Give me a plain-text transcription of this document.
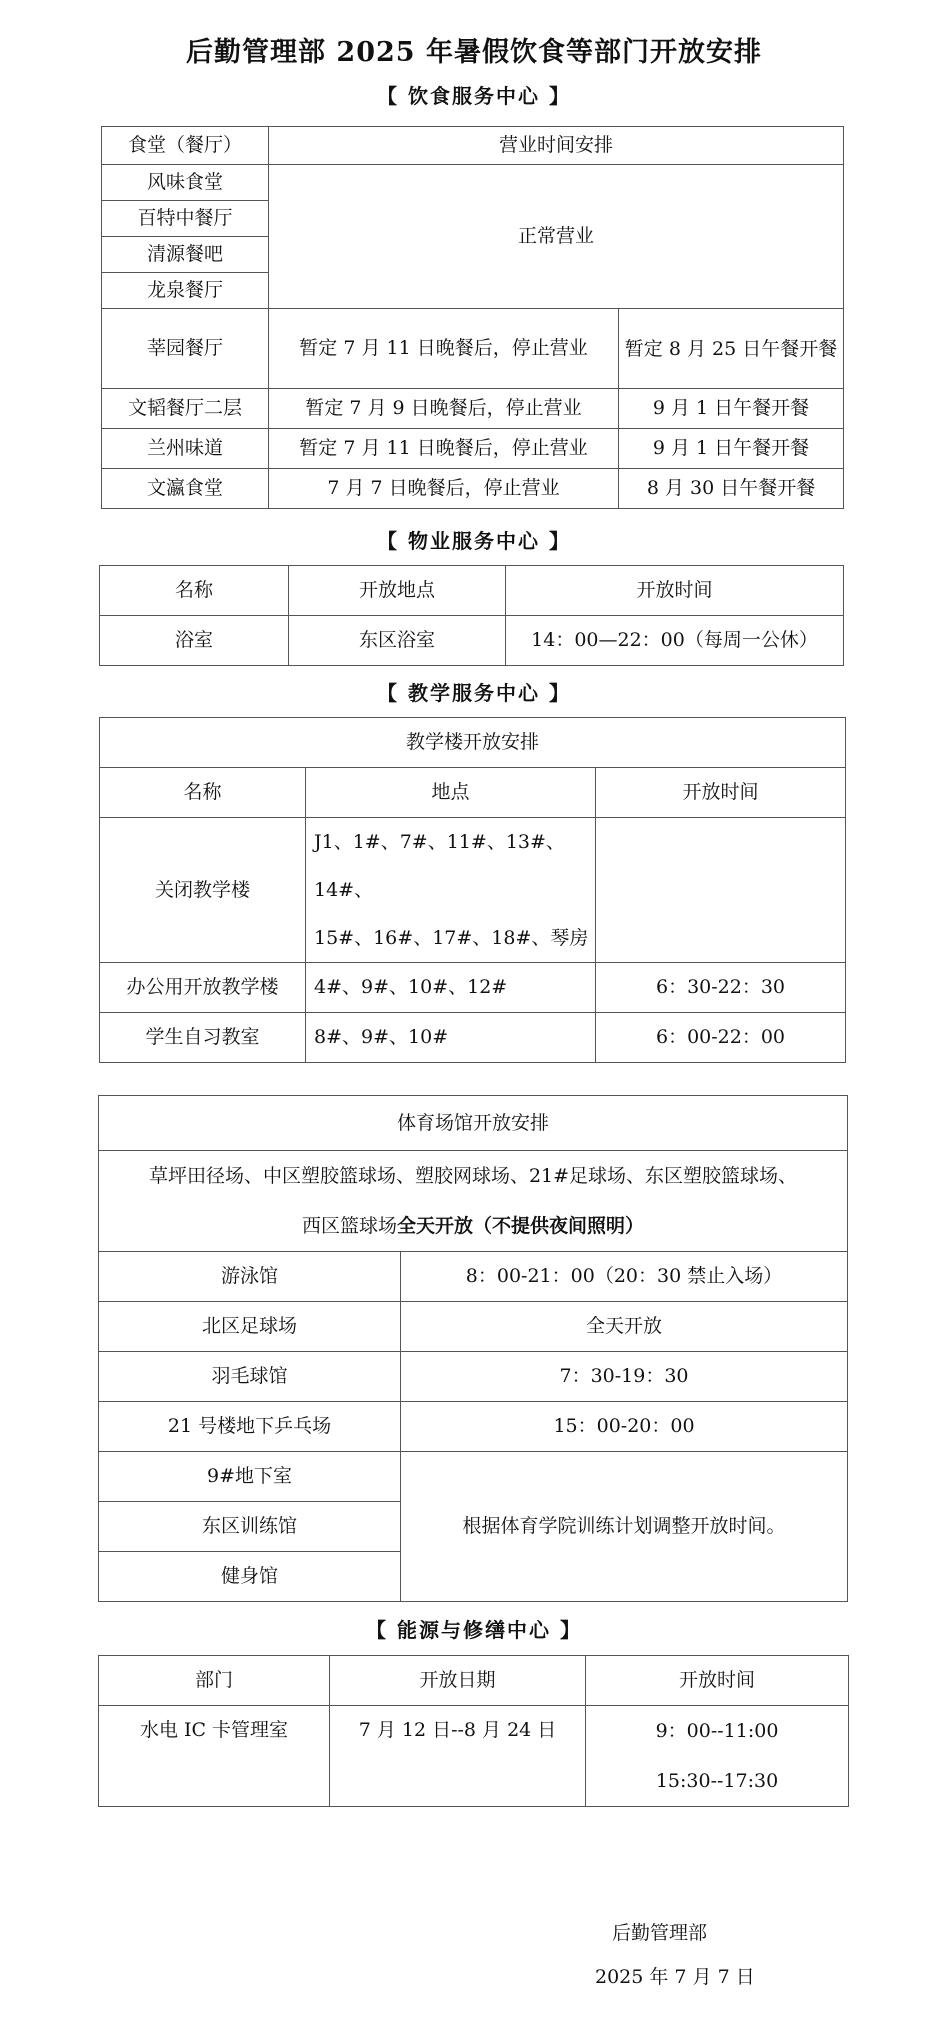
后勤管理部 2025 年暑假饮食等部门开放安排
【 饮食服务中心 】
食堂（餐厅）	营业时间安排	
风味食堂	正常营业	
百特中餐厅		
清源餐吧		
龙泉餐厅		
莘园餐厅	暂定 7 月 11 日晚餐后，停止营业	暂定 8 月 25 日午餐开餐
文韬餐厅二层	暂定 7 月 9 日晚餐后，停止营业	9 月 1 日午餐开餐
兰州味道	暂定 7 月 11 日晚餐后，停止营业	9 月 1 日午餐开餐
文瀛食堂	7 月 7 日晚餐后，停止营业	8 月 30 日午餐开餐
【 物业服务中心 】
名称	开放地点	开放时间
浴室	东区浴室	14：00—22：00（每周一公休）
【 教学服务中心 】
教学楼开放安排		
名称	地点	开放时间
关闭教学楼	J1、1#、7#、11#、13#、14#、
15#、16#、17#、18#、琴房	

办公用开放教学楼	4#、9#、10#、12#	6：30-22：30
学生自习教室	8#、9#、10#	6：00-22：00
体育场馆开放安排	

草坪田径场、中区塑胶篮球场、塑胶网球场、21#足球场、东区塑胶篮球场、
西区篮球场全天开放（不提供夜间照明）	

游泳馆	8：00-21：00（20：30 禁止入场）
北区足球场	全天开放
羽毛球馆	7：30-19：30
21 号楼地下乒乓场	15：00-20：00
9#地下室	根据体育学院训练计划调整开放时间。
东区训练馆	
健身馆	
【 能源与修缮中心 】
部门	开放日期	开放时间
水电 IC 卡管理室	7 月 12 日--8 月 24 日	9：00--11:00
15:30--17:30
后勤管理部
2025 年 7 月 7 日
